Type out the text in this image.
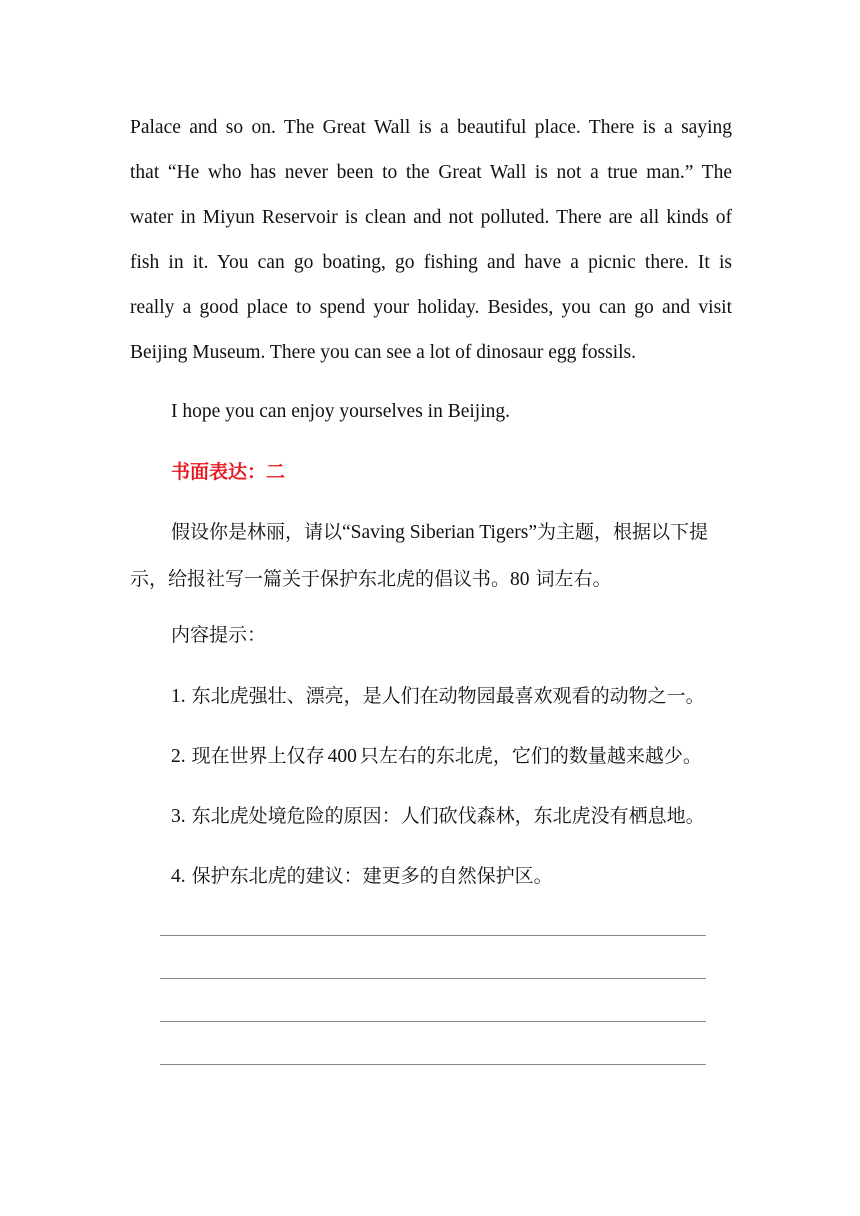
Palace and so on. The Great Wall is a beautiful place. There is a saying
that “He who has never been to the Great Wall is not a true man.” The
water in Miyun Reservoir is clean and not polluted. There are all kinds of
fish in it. You can go boating, go fishing and have a picnic there. It is
really a good place to spend your holiday. Besides, you can go and visit
Beijing Museum. There you can see a lot of dinosaur egg fossils.

I hope you can enjoy yourselves in Beijing.

书面表达：二

假设你是林丽，请以“Saving Siberian Tigers”为主题，根据以下提
示，给报社写一篇关于保护东北虎的倡议书。80 词左右。

内容提示：

1. 东北虎强壮、漂亮，是人们在动物园最喜欢观看的动物之一。

2. 现在世界上仅存 400 只左右的东北虎，它们的数量越来越少。

3. 东北虎处境危险的原因：人们砍伐森林，东北虎没有栖息地。

4. 保护东北虎的建议：建更多的自然保护区。
